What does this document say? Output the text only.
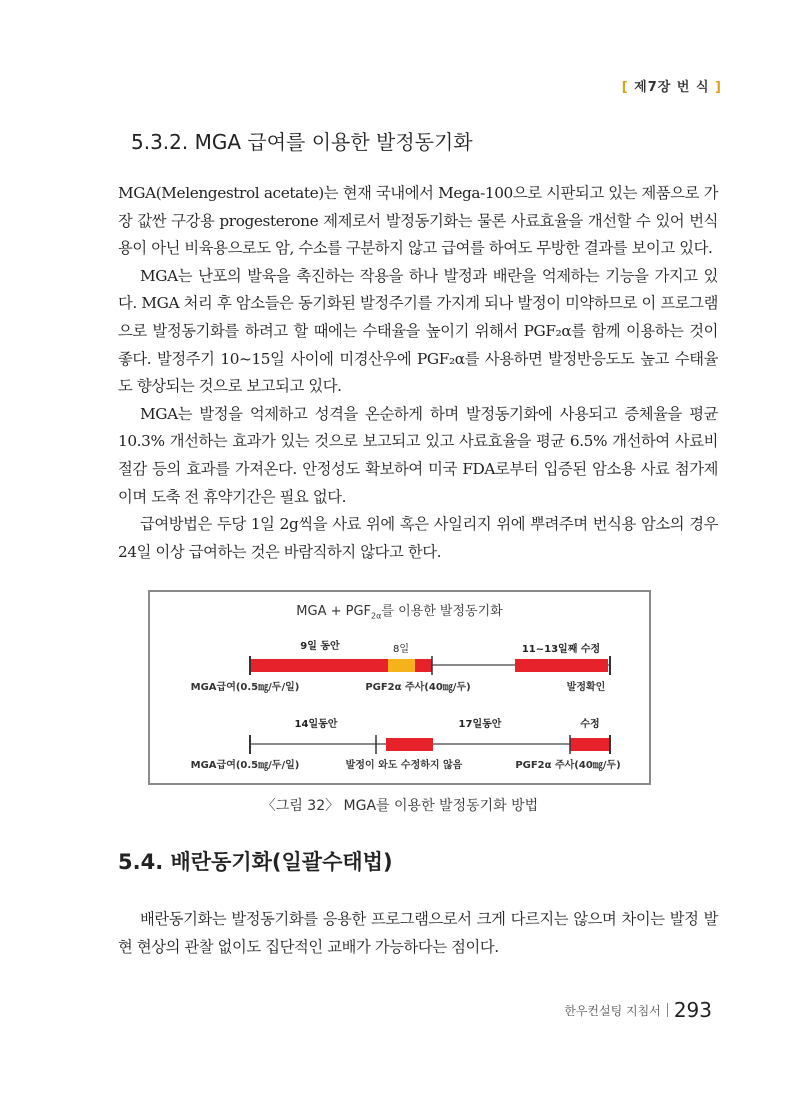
[ 제7장 번 식 ]
5.3.2. MGA 급여를 이용한 발정동기화

MGA(Melengestrol acetate)는 현재 국내에서 Mega-100으로 시판되고 있는 제품으로 가장 값싼 구강용 progesterone 제제로서 발정동기화는 물론 사료효율을 개선할 수 있어 번식용이 아닌 비육용으로도 암, 수소를 구분하지 않고 급여를 하여도 무방한 결과를 보이고 있다.

MGA는 난포의 발육을 촉진하는 작용을 하나 발정과 배란을 억제하는 기능을 가지고 있다. MGA 처리 후 암소들은 동기화된 발정주기를 가지게 되나 발정이 미약하므로 이 프로그램으로 발정동기화를 하려고 할 때에는 수태율을 높이기 위해서 PGF₂α를 함께 이용하는 것이 좋다. 발정주기 10~15일 사이에 미경산우에 PGF₂α를 사용하면 발정반응도도 높고 수태율도 향상되는 것으로 보고되고 있다.

MGA는 발정을 억제하고 성격을 온순하게 하며 발정동기화에 사용되고 증체율을 평균 10.3% 개선하는 효과가 있는 것으로 보고되고 있고 사료효율을 평균 6.5% 개선하여 사료비 절감 등의 효과를 가져온다. 안정성도 확보하여 미국 FDA로부터 입증된 암소용 사료 첨가제이며 도축 전 휴약기간은 필요 없다.

급여방법은 두당 1일 2g씩을 사료 위에 혹은 사일리지 위에 뿌려주며 번식용 암소의 경우 24일 이상 급여하는 것은 바람직하지 않다고 한다.

MGA + $PGF_{2\alpha}$를 이용한 발정동기화
9일 동안	8일	11~13일째 수정
MGA급여(0.5㎎/두/일)	PGF2α 주사(40㎎/두)	발정확인
14일동안	17일동안	수정
MGA급여(0.5㎎/두/일)	발정이 와도 수정하지 않음	PGF2α 주사(40㎎/두)
〈그림 32〉 MGA를 이용한 발정동기화 방법
5.4. 배란동기화(일괄수태법)

배란동기화는 발정동기화를 응용한 프로그램으로서 크게 다르지는 않으며 차이는 발정 발현 현상의 관찰 없이도 집단적인 교배가 가능하다는 점이다.

한우컨설팅 지침서 293
